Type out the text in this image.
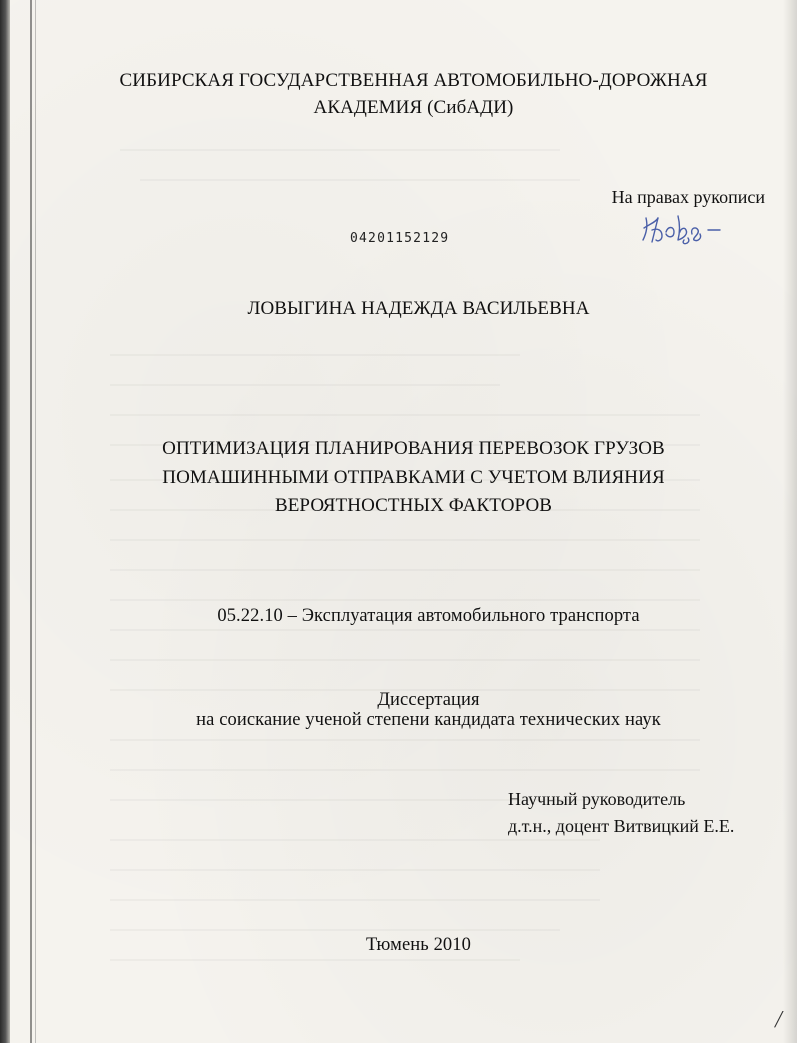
СИБИРСКАЯ ГОСУДАРСТВЕННАЯ АВТОМОБИЛЬНО-ДОРОЖНАЯ
АКАДЕМИЯ (СибАДИ)
На правах рукописи
04201152129
ЛОВЫГИНА НАДЕЖДА ВАСИЛЬЕВНА
ОПТИМИЗАЦИЯ ПЛАНИРОВАНИЯ ПЕРЕВОЗОК ГРУЗОВ
ПОМАШИННЫМИ ОТПРАВКАМИ С УЧЕТОМ ВЛИЯНИЯ
ВЕРОЯТНОСТНЫХ ФАКТОРОВ
05.22.10 – Эксплуатация автомобильного транспорта
Диссертация
на соискание ученой степени кандидата технических наук
Научный руководитель
д.т.н., доцент Витвицкий Е.Е.
Тюмень 2010
╱
